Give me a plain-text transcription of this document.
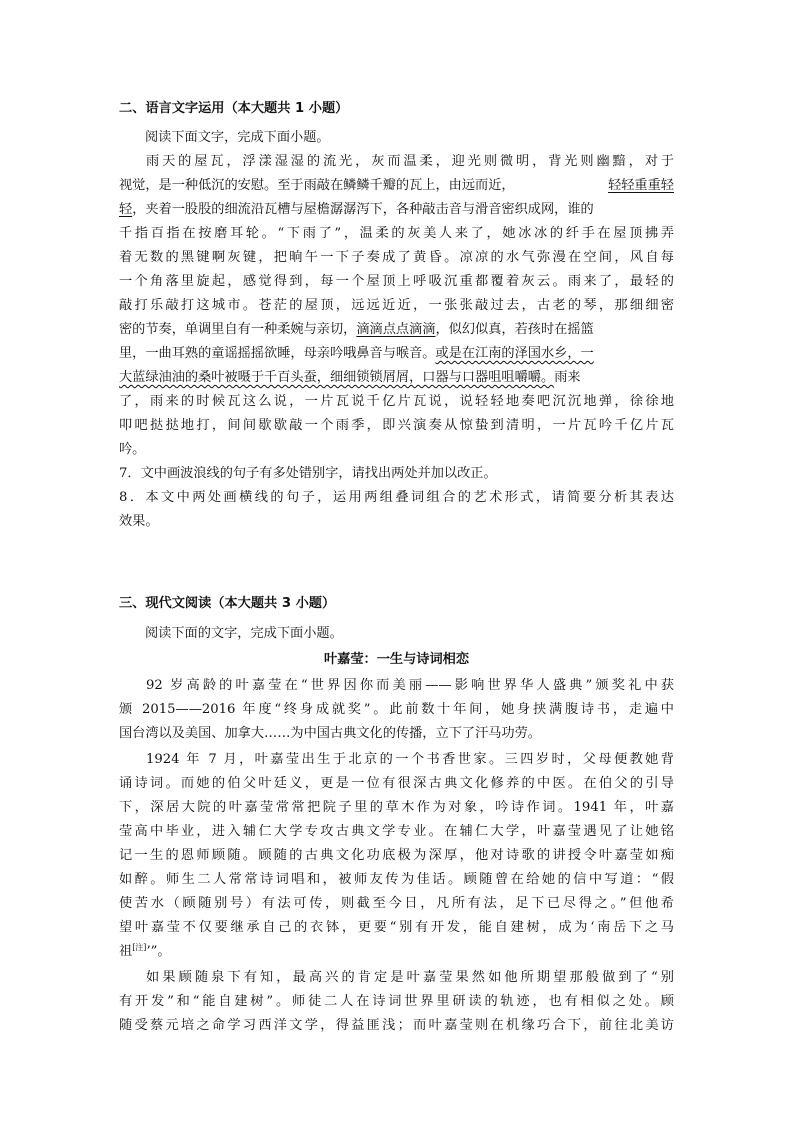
二、语言文字运用（本大题共 1 小题）

阅读下面文字，完成下面小题。

雨天的屋瓦，浮漾湿湿的流光，灰而温柔，迎光则微明，背光则幽黯，对于

视觉，是一种低沉的安慰。至于雨敲在鳞鳞千瓣的瓦上，由远而近，	轻轻重重轻

轻，夹着一股股的细流沿瓦槽与屋檐潺潺泻下，各种敲击音与滑音密织成网，谁的

千指百指在按磨耳轮。“下雨了”，温柔的灰美人来了，她冰冰的纤手在屋顶拂弄

着无数的黑键啊灰键，把晌午一下子奏成了黄昏。凉凉的水气弥漫在空间，风自每

一个角落里旋起，感觉得到，每一个屋顶上呼吸沉重都覆着灰云。雨来了，最轻的

敲打乐敲打这城市。苍茫的屋顶，远远近近，一张张敲过去，古老的琴，那细细密

密的节奏，单调里自有一种柔婉与亲切，滴滴点点滴滴，似幻似真，若孩时在摇篮

里，一曲耳熟的童谣摇摇欲睡，母亲吟哦鼻音与喉音。或是在江南的泽国水乡，一

大蓝绿油油的桑叶被嗫于千百头蚕，细细锁锁屑屑，口器与口器咀咀嚼嚼。雨来

了，雨来的时候瓦这么说，一片瓦说千亿片瓦说，说轻轻地奏吧沉沉地弹，徐徐地

叩吧挞挞地打，间间歇歇敲一个雨季，即兴演奏从惊蛰到清明，一片瓦吟千亿片瓦

吟。

7．文中画波浪线的句子有多处错别字，请找出两处并加以改正。

8．本文中两处画横线的句子，运用两组叠词组合的艺术形式，请简要分析其表达

效果。

三、现代文阅读（本大题共 3 小题）

阅读下面的文字，完成下面小题。

叶嘉莹：一生与诗词相恋

92 岁高龄的叶嘉莹在“世界因你而美丽——影响世界华人盛典”颁奖礼中获

颁 2015——2016 年度“终身成就奖”。此前数十年间，她身挟满腹诗书，走遍中

国台湾以及美国、加拿大……为中国古典文化的传播，立下了汗马功劳。

1924 年 7 月，叶嘉莹出生于北京的一个书香世家。三四岁时，父母便教她背

诵诗词。而她的伯父叶廷义，更是一位有很深古典文化修养的中医。在伯父的引导

下，深居大院的叶嘉莹常常把院子里的草木作为对象，吟诗作词。1941 年，叶嘉

莹高中毕业，进入辅仁大学专攻古典文学专业。在辅仁大学，叶嘉莹遇见了让她铭

记一生的恩师顾随。顾随的古典文化功底极为深厚，他对诗歌的讲授令叶嘉莹如痴

如醉。师生二人常常诗词唱和，被师友传为佳话。顾随曾在给她的信中写道：“假

使苦水（顾随别号）有法可传，则截至今日，凡所有法，足下已尽得之。”但他希

望叶嘉莹不仅要继承自己的衣钵，更要“别有开发，能自建树，成为‘南岳下之马

祖[注]’”。

如果顾随泉下有知，最高兴的肯定是叶嘉莹果然如他所期望那般做到了“别

有开发”和“能自建树”。师徒二人在诗词世界里研读的轨迹，也有相似之处。顾

随受蔡元培之命学习西洋文学，得益匪浅；而叶嘉莹则在机缘巧合下，前往北美访
